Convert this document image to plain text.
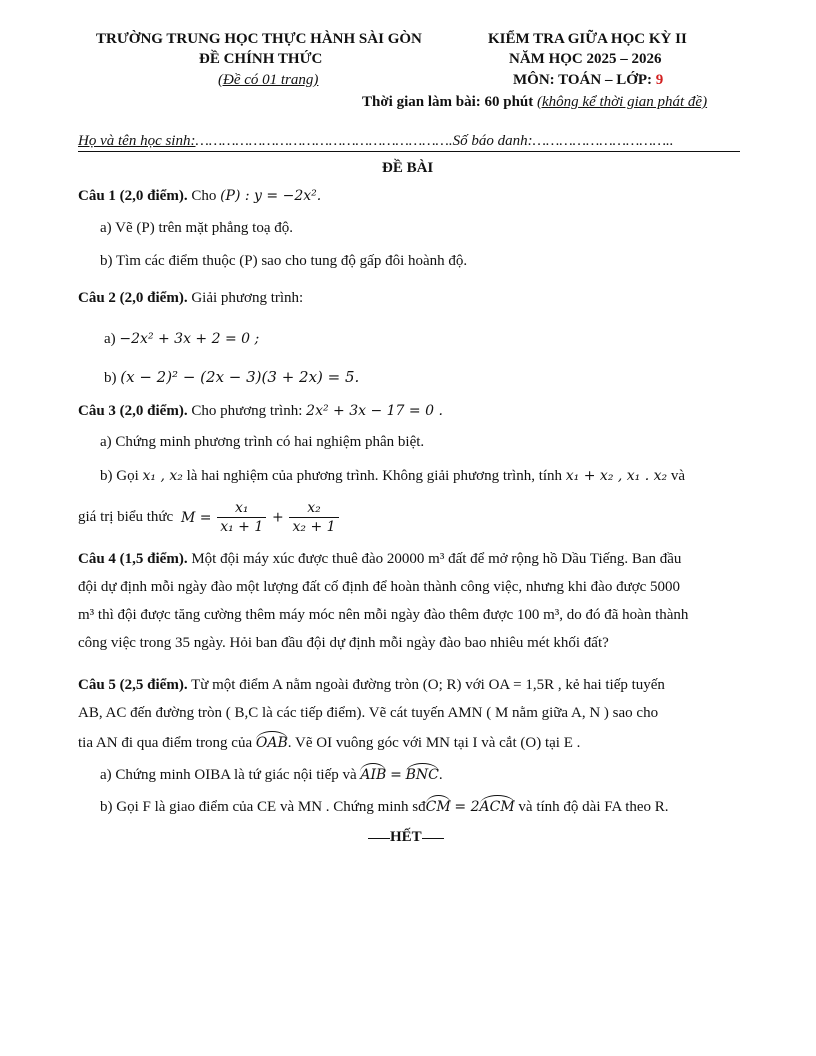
TRƯỜNG TRUNG HỌC THỰC HÀNH SÀI GÒN
ĐỀ CHÍNH THỨC
(Đề có 01 trang)
KIỂM TRA GIỮA HỌC KỲ II
NĂM HỌC 2025 – 2026
MÔN: TOÁN – LỚP: 9
Thời gian làm bài: 60 phút (không kể thời gian phát đề)
Họ và tên học sinh:………………………………………………….Số báo danh:…………………………..
ĐỀ BÀI
Câu 1 (2,0 điểm). Cho (P) : y = −2x².
a) Vẽ (P) trên mặt phẳng toạ độ.
b) Tìm các điểm thuộc (P) sao cho tung độ gấp đôi hoành độ.
Câu 2 (2,0 điểm). Giải phương trình:
a) −2x² + 3x + 2 = 0 ;
b) (x − 2)² − (2x − 3)(3 + 2x) = 5.
Câu 3 (2,0 điểm). Cho phương trình: 2x² + 3x − 17 = 0 .
a) Chứng minh phương trình có hai nghiệm phân biệt.
b) Gọi x₁ , x₂ là hai nghiệm của phương trình. Không giải phương trình, tính x₁ + x₂ , x₁ . x₂ và
giá trị biểu thức $M = \frac{\text{x₁}}{\text{x₁ + 1}} + \frac{\text{x₂}}{\text{x₂ + 1}}$
Câu 4 (1,5 điểm). Một đội máy xúc được thuê đào 20000 m³ đất để mở rộng hồ Dầu Tiếng. Ban đầu
đội dự định mỗi ngày đào một lượng đất cố định để hoàn thành công việc, nhưng khi đào được 5000
m³ thì đội được tăng cường thêm máy móc nên mỗi ngày đào thêm được 100 m³, do đó đã hoàn thành
công việc trong 35 ngày. Hỏi ban đầu đội dự định mỗi ngày đào bao nhiêu mét khối đất?
Câu 5 (2,5 điểm). Từ một điểm A nằm ngoài đường tròn (O; R) với OA = 1,5R , kẻ hai tiếp tuyến
AB, AC đến đường tròn ( B,C là các tiếp điểm). Vẽ cát tuyến AMN ( M nằm giữa A, N ) sao cho
tia AN đi qua điểm trong của OAB. Vẽ OI vuông góc với MN tại I và cắt (O) tại E .
a) Chứng minh OIBA là tứ giác nội tiếp và AIB = BNC.
b) Gọi F là giao điểm của CE và MN . Chứng minh sđCM = 2ACM và tính độ dài FA theo R.
HẾT
